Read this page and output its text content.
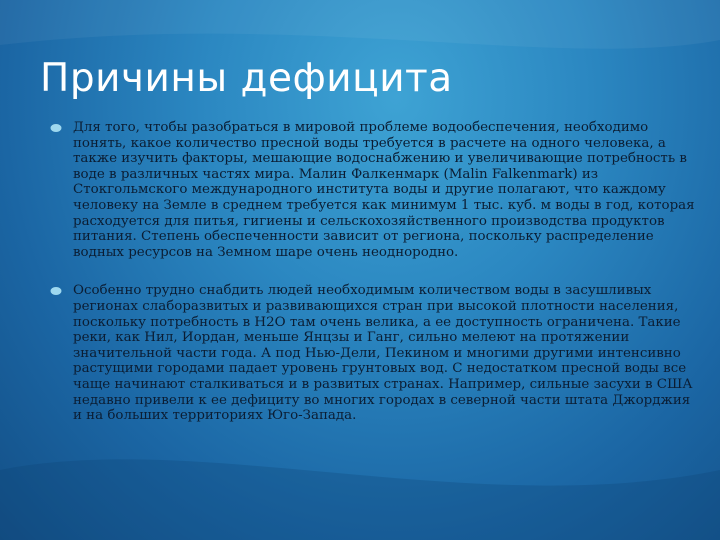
Причины дефицита
Для того, чтобы разобраться в мировой проблеме водообеспечения, необходимо понять, какое количество пресной воды требуется в расчете на одного человека, а также изучить факторы, мешающие водоснабжению и увеличивающие потребность в воде в различных частях мира. Малин Фалкенмарк (Malin Falkenmark) из Стокгольмского международного института воды и другие полагают, что каждому человеку на Земле в среднем требуется как минимум 1 тыс. куб. м воды в год, которая расходуется для питья, гигиены и сельскохозяйственного производства продуктов питания. Степень обеспеченности зависит от региона, поскольку распределение водных ресурсов на Земном шаре очень неоднородно.
Особенно трудно снабдить людей необходимым количеством воды в засушливых регионах слаборазвитых и развивающихся стран при высокой плотности населения, поскольку потребность в Н2О там очень велика, а ее доступность ограничена. Такие реки, как Нил, Иордан, меньше Янцзы и Ганг, сильно мелеют на протяжении значительной части года. А под Нью-Дели, Пекином и многими другими интенсивно растущими городами падает уровень грунтовых вод. С недостатком пресной воды все чаще начинают сталкиваться и в развитых странах. Например, сильные засухи в США недавно привели к ее дефициту во многих городах в северной части штата Джорджия и на больших территориях Юго-Запада.
